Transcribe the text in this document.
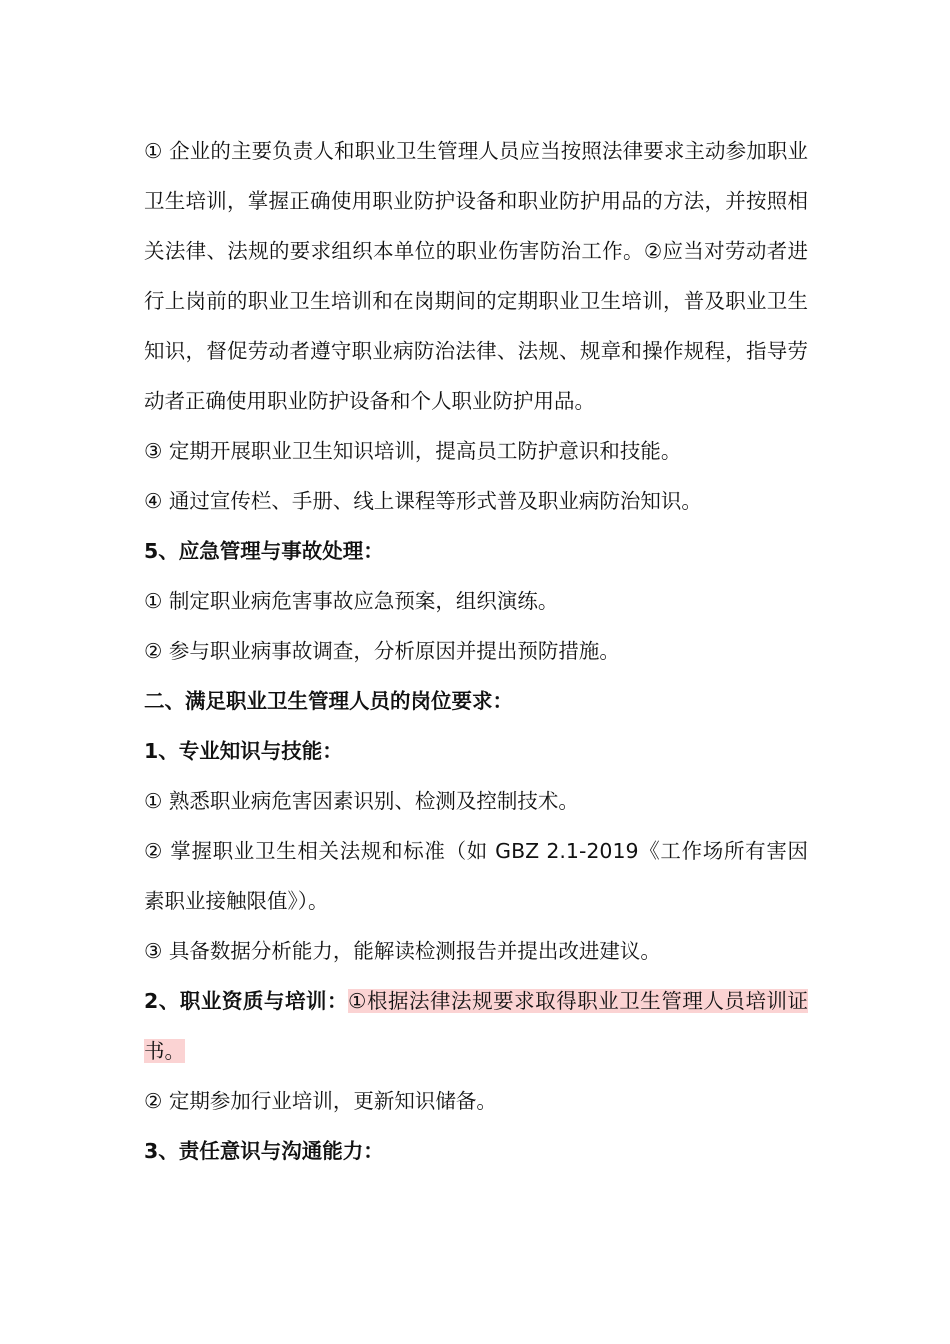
① 企业的主要负责人和职业卫生管理人员应当按照法律要求主动参加职业卫生培训，掌握正确使用职业防护设备和职业防护用品的方法，并按照相关法律、法规的要求组织本单位的职业伤害防治工作。②应当对劳动者进行上岗前的职业卫生培训和在岗期间的定期职业卫生培训，普及职业卫生知识，督促劳动者遵守职业病防治法律、法规、规章和操作规程，指导劳动者正确使用职业防护设备和个人职业防护用品。

③ 定期开展职业卫生知识培训，提高员工防护意识和技能。

④ 通过宣传栏、手册、线上课程等形式普及职业病防治知识。

5、应急管理与事故处理：

① 制定职业病危害事故应急预案，组织演练。

② 参与职业病事故调查，分析原因并提出预防措施。

二、满足职业卫生管理人员的岗位要求：

1、专业知识与技能：

① 熟悉职业病危害因素识别、检测及控制技术。

② 掌握职业卫生相关法规和标准（如 GBZ 2.1-2019《工作场所有害因素职业接触限值》）。

③ 具备数据分析能力，能解读检测报告并提出改进建议。

2、职业资质与培训：①根据法律法规要求取得职业卫生管理人员培训证书。

② 定期参加行业培训，更新知识储备。

3、责任意识与沟通能力：
